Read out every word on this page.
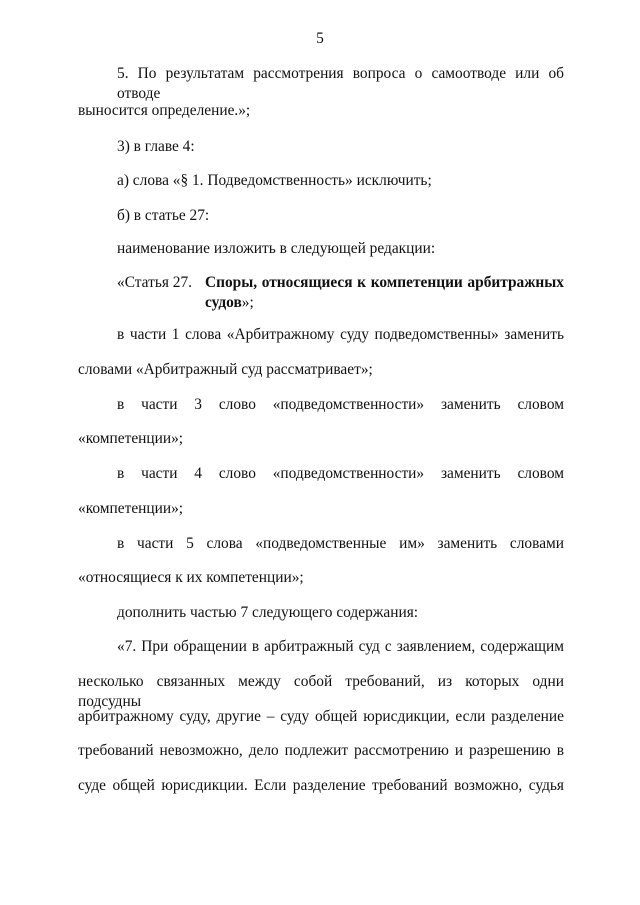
5
5. По результатам рассмотрения вопроса о самоотводе или об отводе
выносится определение.»;
3) в главе 4:
а) слова «§ 1. Подведомственность» исключить;
б) в статье 27:
наименование изложить в следующей редакции:
«Статья 27. Споры, относящиеся к компетенции арбитражных судов»;
в части 1 слова «Арбитражному суду подведомственны» заменить
словами «Арбитражный суд рассматривает»;
в части 3 слово «подведомственности» заменить словом
«компетенции»;
в части 4 слово «подведомственности» заменить словом
«компетенции»;
в части 5 слова «подведомственные им» заменить словами
«относящиеся к их компетенции»;
дополнить частью 7 следующего содержания:
«7. При обращении в арбитражный суд с заявлением, содержащим
несколько связанных между собой требований, из которых одни подсудны
арбитражному суду, другие – суду общей юрисдикции, если разделение
требований невозможно, дело подлежит рассмотрению и разрешению в
суде общей юрисдикции. Если разделение требований возможно, судья
